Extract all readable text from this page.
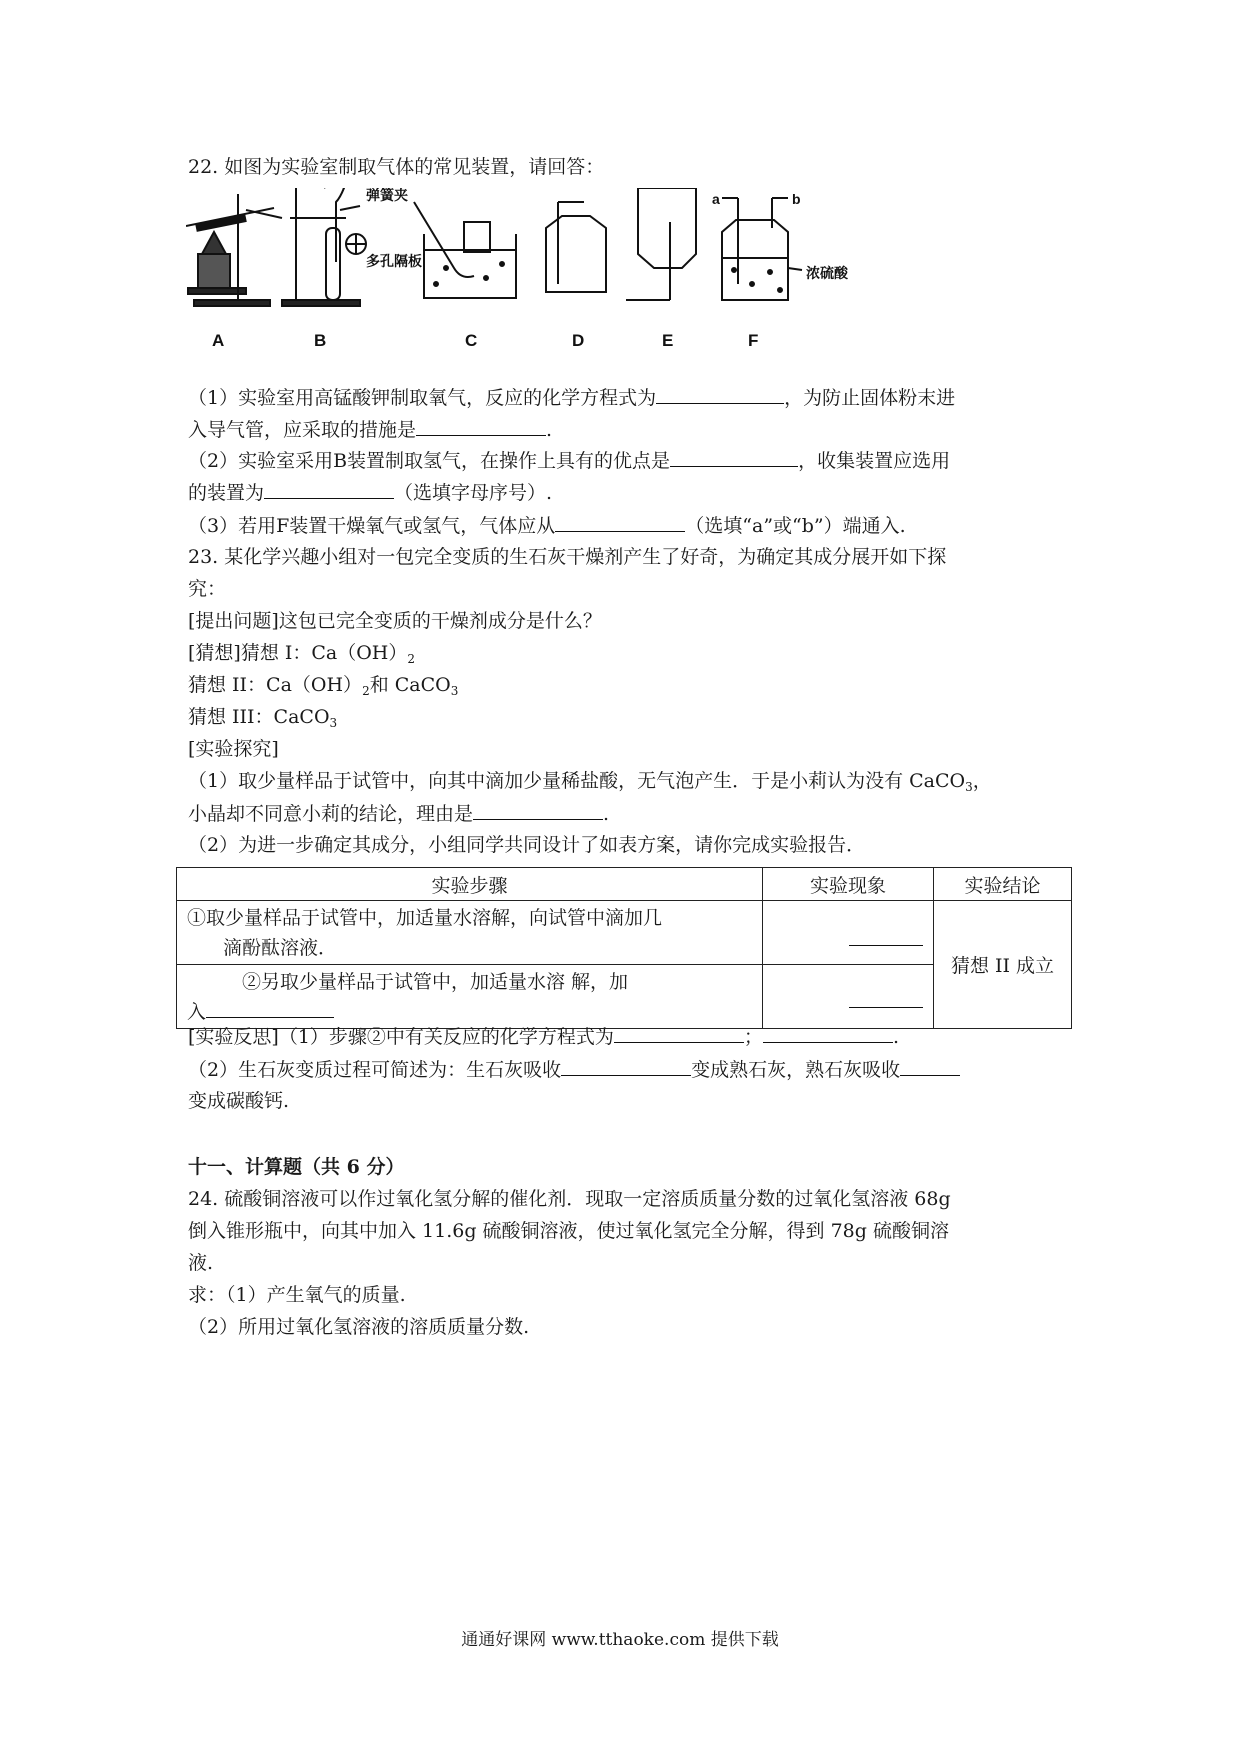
22. 如图为实验室制取气体的常见装置，请回答：
弹簧夹
多孔隔板
浓硫酸
a	b
A	B	C	D	E	F
（1）实验室用高锰酸钾制取氧气，反应的化学方程式为	，为防止固体粉末进
入导气管，应采取的措施是	.
（2）实验室采用B装置制取氢气，在操作上具有的优点是	，收集装置应选用
的装置为	（选填字母序号）.
（3）若用F装置干燥氧气或氢气，气体应从	（选填“a”或“b”）端通入.
23. 某化学兴趣小组对一包完全变质的生石灰干燥剂产生了好奇，为确定其成分展开如下探
究：
[提出问题]这包已完全变质的干燥剂成分是什么？
[猜想]猜想 I：$Ca(OH)_2$
猜想 II：$Ca(OH)_2$和 CaCO$_3$
猜想 III：CaCO$_3$
[实验探究]
（1）取少量样品于试管中，向其中滴加少量稀盐酸，无气泡产生．于是小莉认为没有 CaCO$_3$，
小晶却不同意小莉的结论，理由是	.
（2）为进一步确定其成分，小组同学共同设计了如表方案，请你完成实验报告．
实验步骤	实验现象	实验结论

①取少量样品于试管中，加适量水溶解，向试管中滴加几
滴酚酞溶液．		猜想 II 成立

②另取少量样品于试管中，加适量水溶 解，加
入		

[实验反思]（1）步骤②中有关反应的化学方程式为	；	.
（2）生石灰变质过程可简述为：生石灰吸收	变成熟石灰，熟石灰吸收
变成碳酸钙.
十一、计算题（共 6 分）
24. 硫酸铜溶液可以作过氧化氢分解的催化剂．现取一定溶质质量分数的过氧化氢溶液 68g
倒入锥形瓶中，向其中加入 11.6g 硫酸铜溶液，使过氧化氢完全分解，得到 78g 硫酸铜溶
液.
求：（1）产生氧气的质量.
（2）所用过氧化氢溶液的溶质质量分数.
通通好课网 www.tthaoke.com 提供下载
